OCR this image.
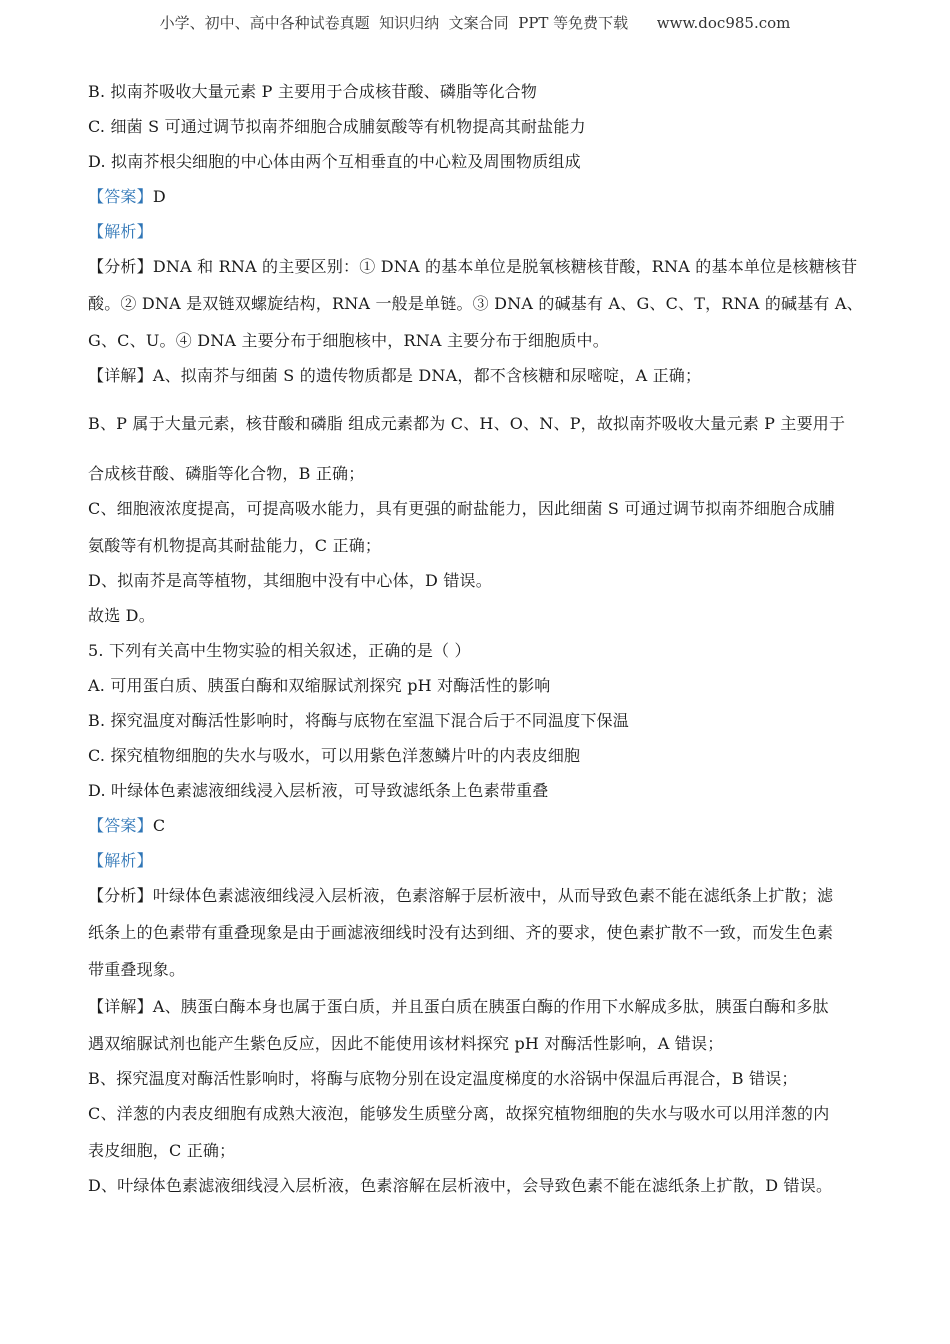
小学、初中、高中各种试卷真题  知识归纳  文案合同  PPT 等免费下载      www.doc985.com
B. 拟南芥吸收大量元素 P 主要用于合成核苷酸、磷脂等化合物
C. 细菌 S 可通过调节拟南芥细胞合成脯氨酸等有机物提高其耐盐能力
D. 拟南芥根尖细胞的中心体由两个互相垂直的中心粒及周围物质组成
【答案】D
【解析】
【分析】DNA 和 RNA 的主要区别：① DNA 的基本单位是脱氧核糖核苷酸，RNA 的基本单位是核糖核苷
酸。② DNA 是双链双螺旋结构，RNA 一般是单链。③ DNA 的碱基有 A、G、C、T，RNA 的碱基有 A、
G、C、U。④ DNA 主要分布于细胞核中，RNA 主要分布于细胞质中。
【详解】A、拟南芥与细菌 S 的遗传物质都是 DNA，都不含核糖和尿嘧啶，A 正确；
B、P 属于大量元素，核苷酸和磷脂 组成元素都为 C、H、O、N、P，故拟南芥吸收大量元素 P 主要用于
合成核苷酸、磷脂等化合物，B 正确；
C、细胞液浓度提高，可提高吸水能力，具有更强的耐盐能力，因此细菌 S 可通过调节拟南芥细胞合成脯
氨酸等有机物提高其耐盐能力，C 正确；
D、拟南芥是高等植物，其细胞中没有中心体，D 错误。
故选 D。
5. 下列有关高中生物实验的相关叙述，正确的是（ ）
A. 可用蛋白质、胰蛋白酶和双缩脲试剂探究 pH 对酶活性的影响
B. 探究温度对酶活性影响时，将酶与底物在室温下混合后于不同温度下保温
C. 探究植物细胞的失水与吸水，可以用紫色洋葱鳞片叶的内表皮细胞
D. 叶绿体色素滤液细线浸入层析液，可导致滤纸条上色素带重叠
【答案】C
【解析】
【分析】叶绿体色素滤液细线浸入层析液，色素溶解于层析液中，从而导致色素不能在滤纸条上扩散；滤
纸条上的色素带有重叠现象是由于画滤液细线时没有达到细、齐的要求，使色素扩散不一致，而发生色素
带重叠现象。
【详解】A、胰蛋白酶本身也属于蛋白质，并且蛋白质在胰蛋白酶的作用下水解成多肽，胰蛋白酶和多肽
遇双缩脲试剂也能产生紫色反应，因此不能使用该材料探究 pH 对酶活性影响，A 错误；
B、探究温度对酶活性影响时，将酶与底物分别在设定温度梯度的水浴锅中保温后再混合，B 错误；
C、洋葱的内表皮细胞有成熟大液泡，能够发生质壁分离，故探究植物细胞的失水与吸水可以用洋葱的内
表皮细胞，C 正确；
D、叶绿体色素滤液细线浸入层析液，色素溶解在层析液中，会导致色素不能在滤纸条上扩散，D 错误。
